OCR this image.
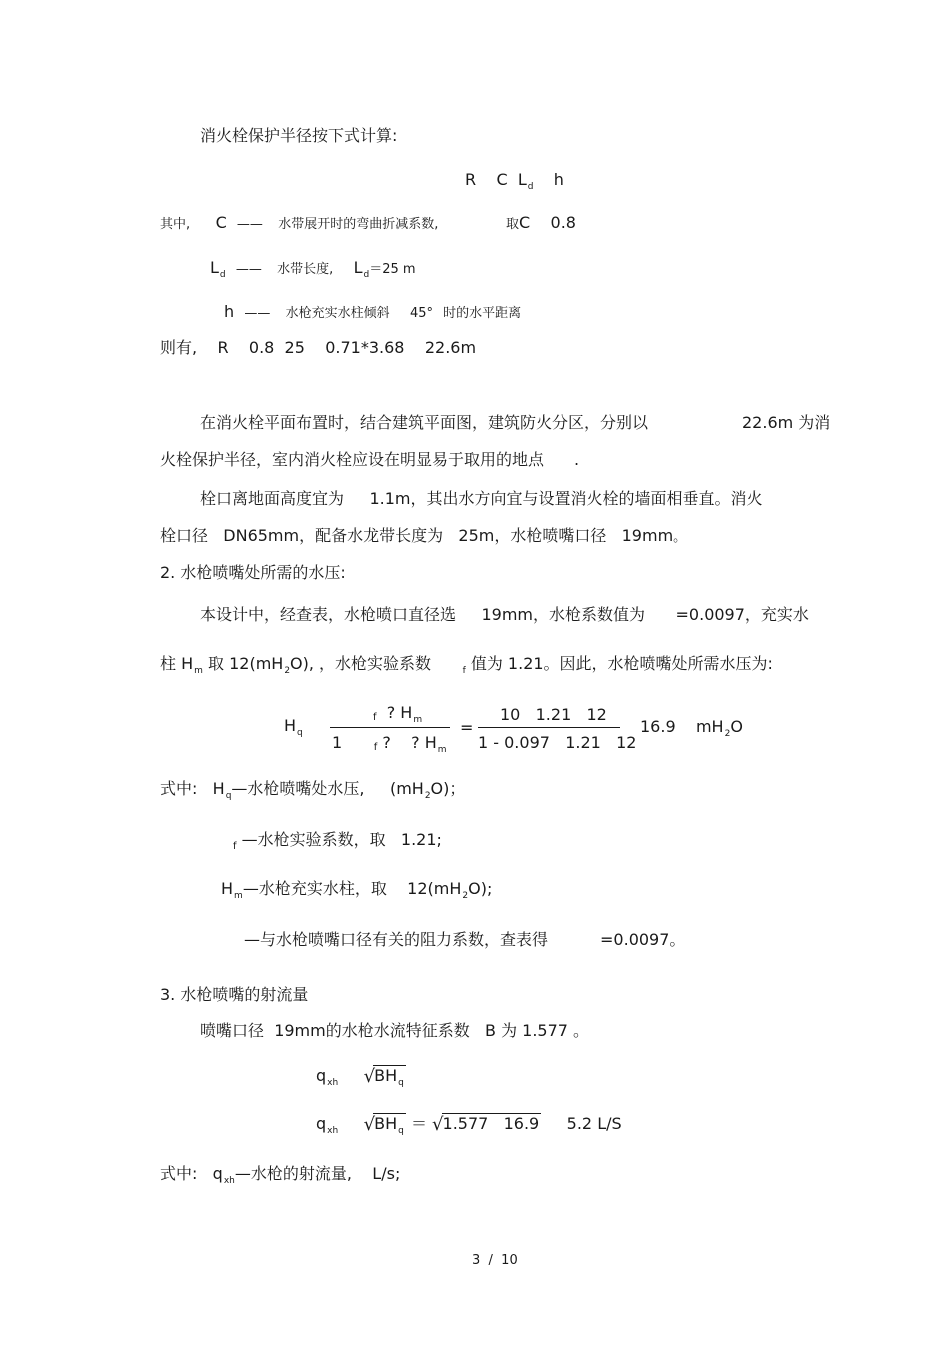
消火栓保护半径按下式计算:
R C $L_d$ h
其中, C —— 水带展开时的弯曲折减系数,	取C 0.8
$L_d$ —— 水带长度, $L_d=25$ m
h —— 水枪充实水柱倾斜 45° 时的水平距离
则有, R 0.8 25 0.71*3.68 22.6m
在消火栓平面布置时，结合建筑平面图，建筑防火分区，分别以	22.6m 为消
火栓保护半径，室内消火栓应设在明显易于取用的地点 .
栓口离地面高度宜为 1.1m，其出水方向宜与设置消火栓的墙面相垂直。消火
栓口径 DN65mm，配备水龙带长度为 25m，水枪喷嘴口径 19mm。
2. 水枪喷嘴处所需的水压:
本设计中，经查表，水枪喷口直径选 19mm，水枪系数值为 =0.0097，充实水
柱 $H_m$ 取 $12(mH_2O)$, ，水枪实验系数	$_f$ 值为 1.21。因此，水枪喷嘴处所需水压为:
$H_q$
f ? $H_m$
1	f ? ? $H_m$
=
10   1.21   12
1 - 0.097   1.21   12
16.9 $mH_2O$
式中: $H_q—$水枪喷嘴处水压, $(mH_2O)$；
$_f$ —水枪实验系数，取 1.21;
$H_m—$水枪充实水柱，取 $12(mH_2O)$;
—与水枪喷嘴口径有关的阻力系数，查表得	=0.0097。
3. 水枪喷嘴的射流量
喷嘴口径 19mm的水枪水流特征系数 B 为 1.577 。
$q_{xh}$ $√BH_q$
$q_{xh}$ $√BH_q = √1.577$   16.9 5.2 L/S
式中: $q_{xh}—$水枪的射流量, L/s;
3  /  10
